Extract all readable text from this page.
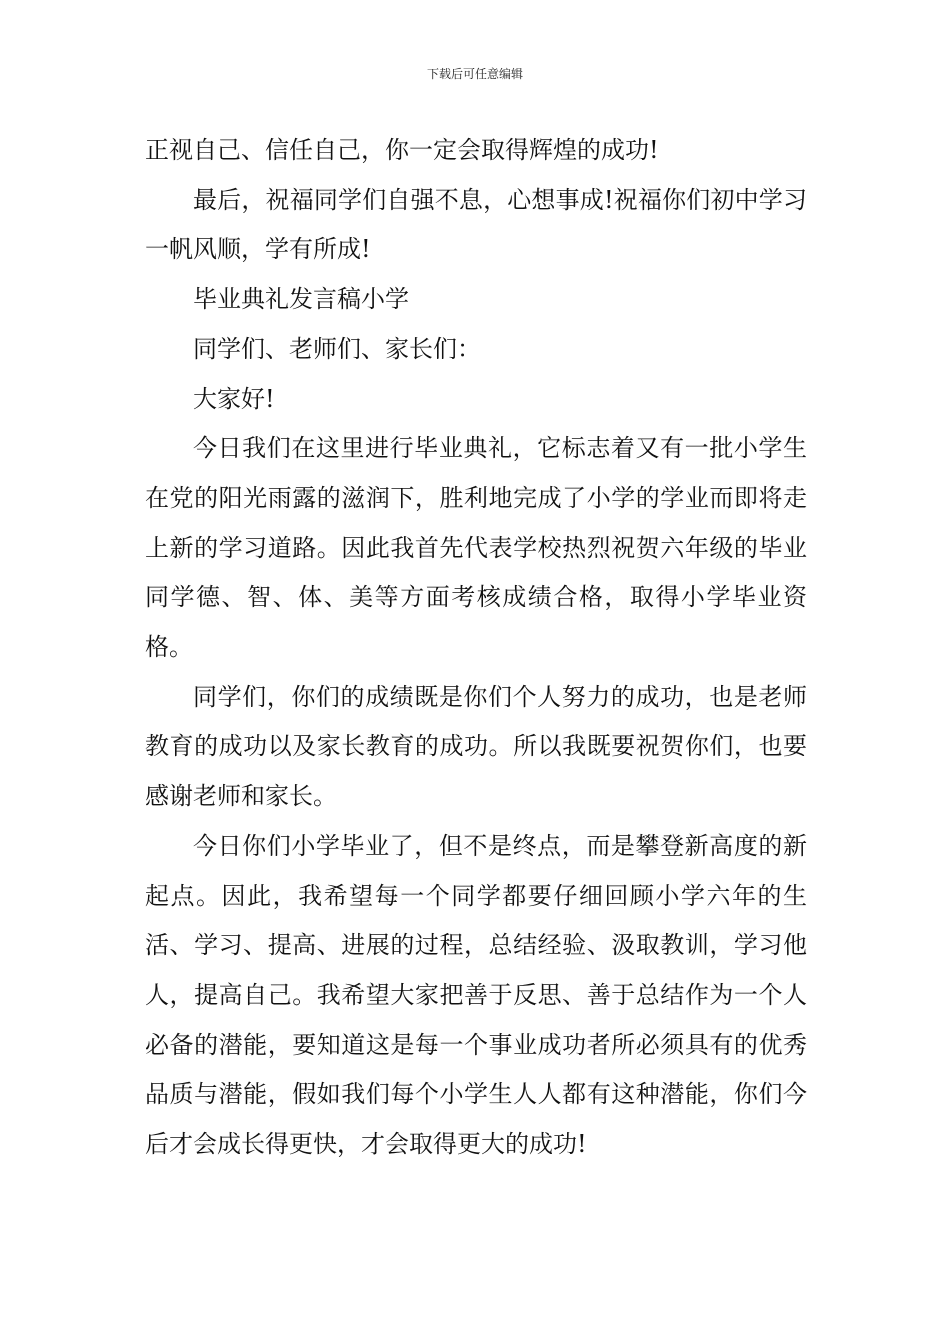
下载后可任意编辑

正视自己、信任自己，你一定会取得辉煌的成功!

最后，祝福同学们自强不息，心想事成!祝福你们初中学习一帆风顺，学有所成!

毕业典礼发言稿小学

同学们、老师们、家长们：

大家好!

今日我们在这里进行毕业典礼，它标志着又有一批小学生在党的阳光雨露的滋润下，胜利地完成了小学的学业而即将走上新的学习道路。因此我首先代表学校热烈祝贺六年级的毕业同学德、智、体、美等方面考核成绩合格，取得小学毕业资格。

同学们，你们的成绩既是你们个人努力的成功，也是老师教育的成功以及家长教育的成功。所以我既要祝贺你们，也要感谢老师和家长。

今日你们小学毕业了，但不是终点，而是攀登新高度的新起点。因此，我希望每一个同学都要仔细回顾小学六年的生活、学习、提高、进展的过程，总结经验、汲取教训，学习他人，提高自己。我希望大家把善于反思、善于总结作为一个人必备的潜能，要知道这是每一个事业成功者所必须具有的优秀品质与潜能，假如我们每个小学生人人都有这种潜能，你们今后才会成长得更快，才会取得更大的成功!
